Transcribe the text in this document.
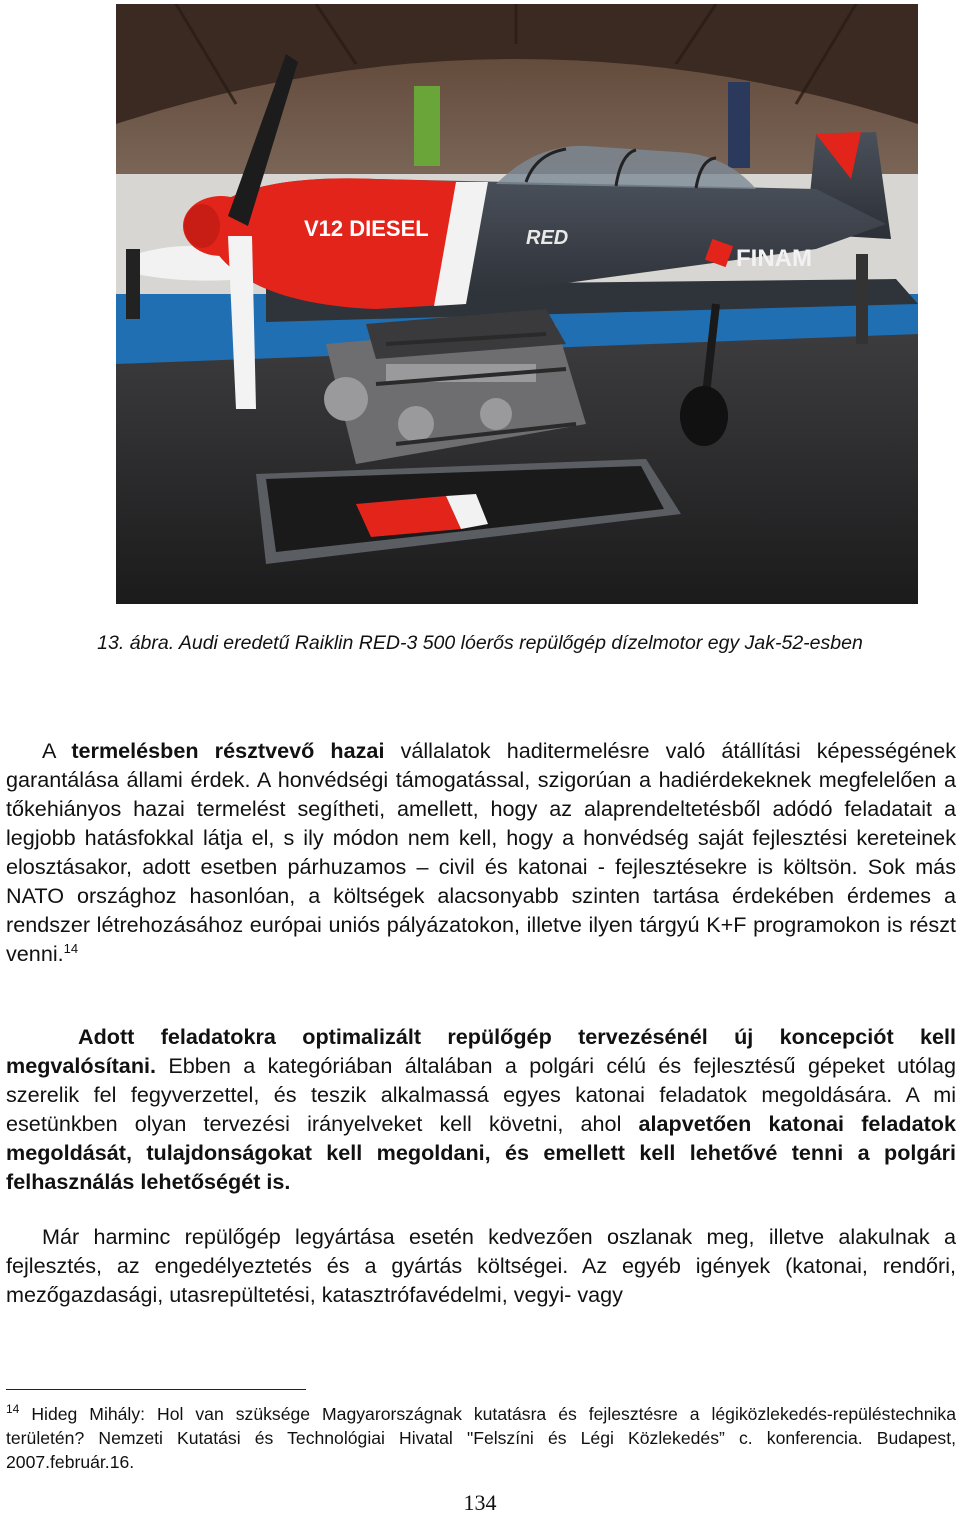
V12 DIESEL	RED
FINAM
13. ábra. Audi eredetű Raiklin RED-3 500 lóerős repülőgép dízelmotor egy Jak-52-esben

A termelésben résztvevő hazai vállalatok haditermelésre való átállítási képességének garantálása állami érdek. A honvédségi támogatással, szigorúan a hadiérdekeknek megfelelően a tőkehiányos hazai termelést segítheti, amellett, hogy az alaprendeltetésből adódó feladatait a legjobb hatásfokkal látja el, s ily módon nem kell, hogy a honvédség saját fejlesztési kereteinek elosztásakor, adott esetben párhuzamos – civil és katonai - fejlesztésekre is költsön. Sok más NATO országhoz hasonlóan, a költségek alacsonyabb szinten tartása érdekében érdemes a rendszer létrehozásához európai uniós pályázatokon, illetve ilyen tárgyú K+F programokon is részt venni.$^{14}$

Adott feladatokra optimalizált repülőgép tervezésénél új koncepciót kell megvalósítani. Ebben a kategóriában általában a polgári célú és fejlesztésű gépeket utólag szerelik fel fegyverzettel, és teszik alkalmassá egyes katonai feladatok megoldására. A mi esetünkben olyan tervezési irányelveket kell követni, ahol alapvetően katonai feladatok megoldását, tulajdonságokat kell megoldani, és emellett kell lehetővé tenni a polgári felhasználás lehetőségét is.

Már harminc repülőgép legyártása esetén kedvezően oszlanak meg, illetve alakulnak a fejlesztés, az engedélyeztetés és a gyártás költségei. Az egyéb igények (katonai, rendőri, mezőgazdasági, utasrepültetési, katasztrófavédelmi, vegyi- vagy

$^{14}$ Hideg Mihály: Hol van szüksége Magyarországnak kutatásra és fejlesztésre a légiközlekedés-repüléstechnika területén? Nemzeti Kutatási és Technológiai Hivatal "Felszíni és Légi Közlekedés” c. konferencia. Budapest, 2007.február.16.

134
